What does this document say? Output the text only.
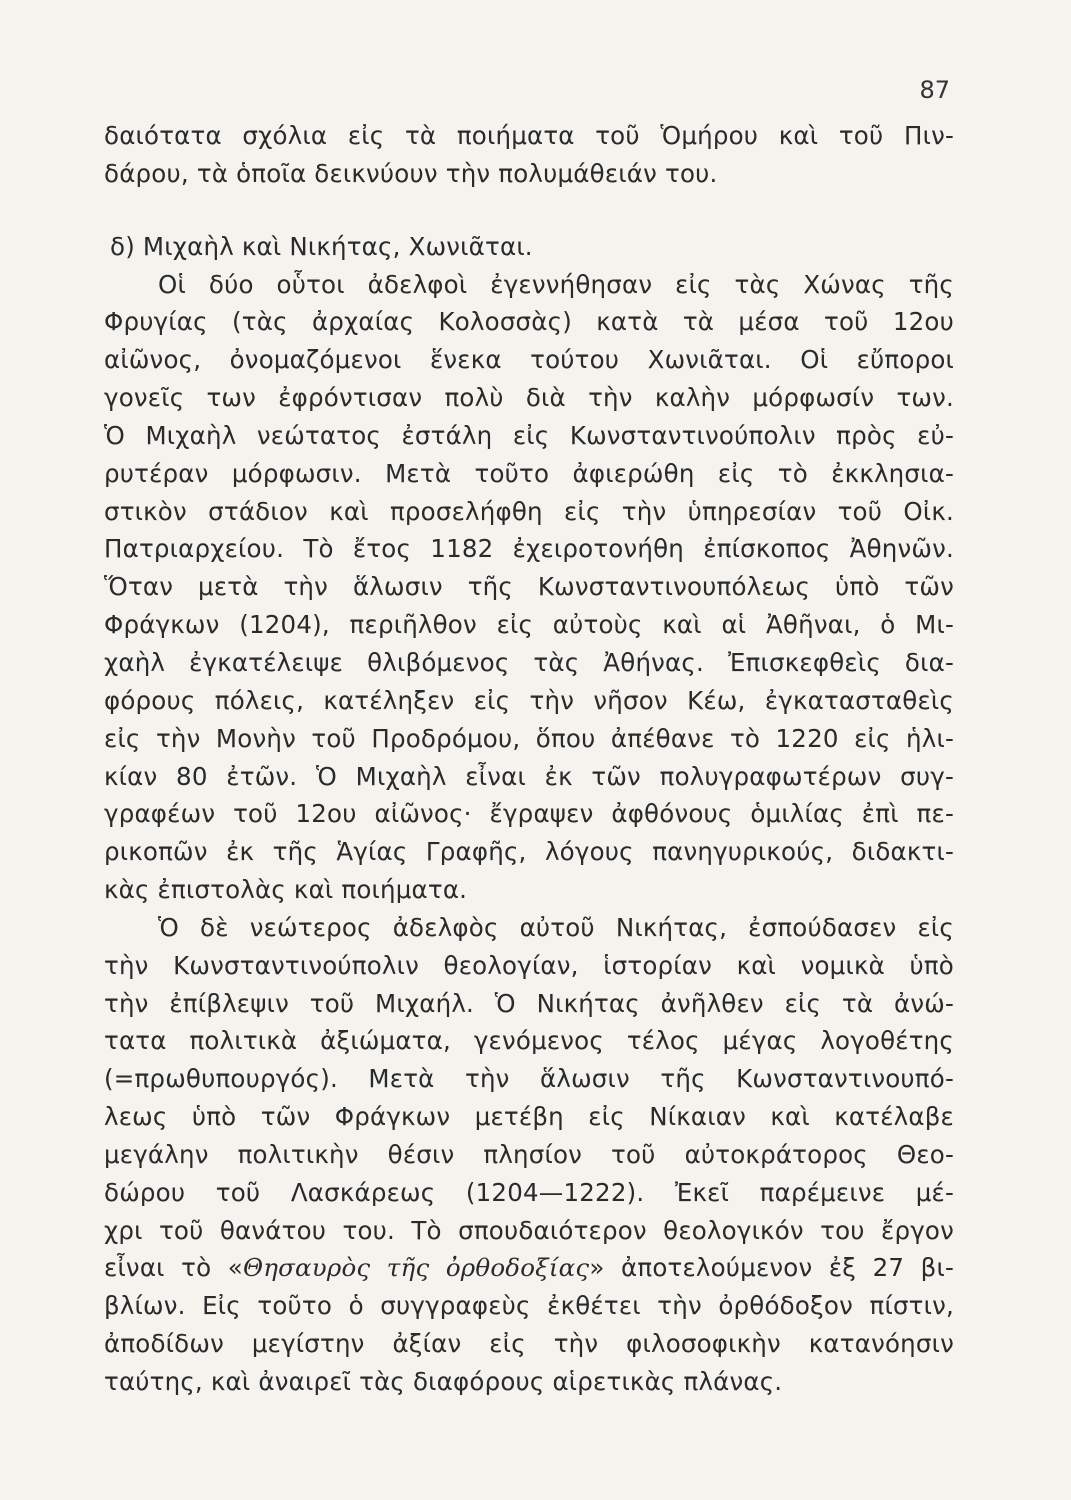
87
δαιότατα σχόλια εἰς τὰ ποιήματα τοῦ Ὁμήρου καὶ τοῦ Πιν-
δάρου, τὰ ὁποῖα δεικνύουν τὴν πολυμάθειάν του.
δ) Μιχαὴλ καὶ Νικήτας, Χωνιᾶται.
Οἱ δύο οὗτοι ἀδελφοὶ ἐγεννήθησαν εἰς τὰς Χώνας τῆς
Φρυγίας (τὰς ἀρχαίας Κολοσσὰς) κατὰ τὰ μέσα τοῦ 12ου
αἰῶνος, ὀνομαζόμενοι ἕνεκα τούτου Χωνιᾶται. Οἱ εὔποροι
γονεῖς των ἐφρόντισαν πολὺ διὰ τὴν καλὴν μόρφωσίν των.
Ὁ Μιχαὴλ νεώτατος ἐστάλη εἰς Κωνσταντινούπολιν πρὸς εὐ-
ρυτέραν μόρφωσιν. Μετὰ τοῦτο ἀφιερώθη εἰς τὸ ἐκκλησια-
στικὸν στάδιον καὶ προσελήφθη εἰς τὴν ὑπηρεσίαν τοῦ Οἰκ.
Πατριαρχείου. Τὸ ἔτος 1182 ἐχειροτονήθη ἐπίσκοπος Ἀθηνῶν.
Ὅταν μετὰ τὴν ἅλωσιν τῆς Κωνσταντινουπόλεως ὑπὸ τῶν
Φράγκων (1204), περιῆλθον εἰς αὐτοὺς καὶ αἱ Ἀθῆναι, ὁ Μι-
χαὴλ ἐγκατέλειψε θλιβόμενος τὰς Ἀθήνας. Ἐπισκεφθεὶς δια-
φόρους πόλεις, κατέληξεν εἰς τὴν νῆσον Κέω, ἐγκατασταθεὶς
εἰς τὴν Μονὴν τοῦ Προδρόμου, ὅπου ἀπέθανε τὸ 1220 εἰς ἡλι-
κίαν 80 ἐτῶν. Ὁ Μιχαὴλ εἶναι ἐκ τῶν πολυγραφωτέρων συγ-
γραφέων τοῦ 12ου αἰῶνος· ἔγραψεν ἀφθόνους ὁμιλίας ἐπὶ πε-
ρικοπῶν ἐκ τῆς Ἁγίας Γραφῆς, λόγους πανηγυρικούς, διδακτι-
κὰς ἐπιστολὰς καὶ ποιήματα.
Ὁ δὲ νεώτερος ἀδελφὸς αὐτοῦ Νικήτας, ἐσπούδασεν εἰς
τὴν Κωνσταντινούπολιν θεολογίαν, ἱστορίαν καὶ νομικὰ ὑπὸ
τὴν ἐπίβλεψιν τοῦ Μιχαήλ. Ὁ Νικήτας ἀνῆλθεν εἰς τὰ ἀνώ-
τατα πολιτικὰ ἀξιώματα, γενόμενος τέλος μέγας λογοθέτης
(=πρωθυπουργός). Μετὰ τὴν ἅλωσιν τῆς Κωνσταντινουπό-
λεως ὑπὸ τῶν Φράγκων μετέβη εἰς Νίκαιαν καὶ κατέλαβε
μεγάλην πολιτικὴν θέσιν πλησίον τοῦ αὐτοκράτορος Θεο-
δώρου τοῦ Λασκάρεως (1204—1222). Ἐκεῖ παρέμεινε μέ-
χρι τοῦ θανάτου του. Τὸ σπουδαιότερον θεολογικόν του ἔργον
εἶναι τὸ «Θησαυρὸς τῆς ὀρθοδοξίας» ἀποτελούμενον ἐξ 27 βι-
βλίων. Εἰς τοῦτο ὁ συγγραφεὺς ἐκθέτει τὴν ὀρθόδοξον πίστιν,
ἀποδίδων μεγίστην ἀξίαν εἰς τὴν φιλοσοφικὴν κατανόησιν
ταύτης, καὶ ἀναιρεῖ τὰς διαφόρους αἱρετικὰς πλάνας.
